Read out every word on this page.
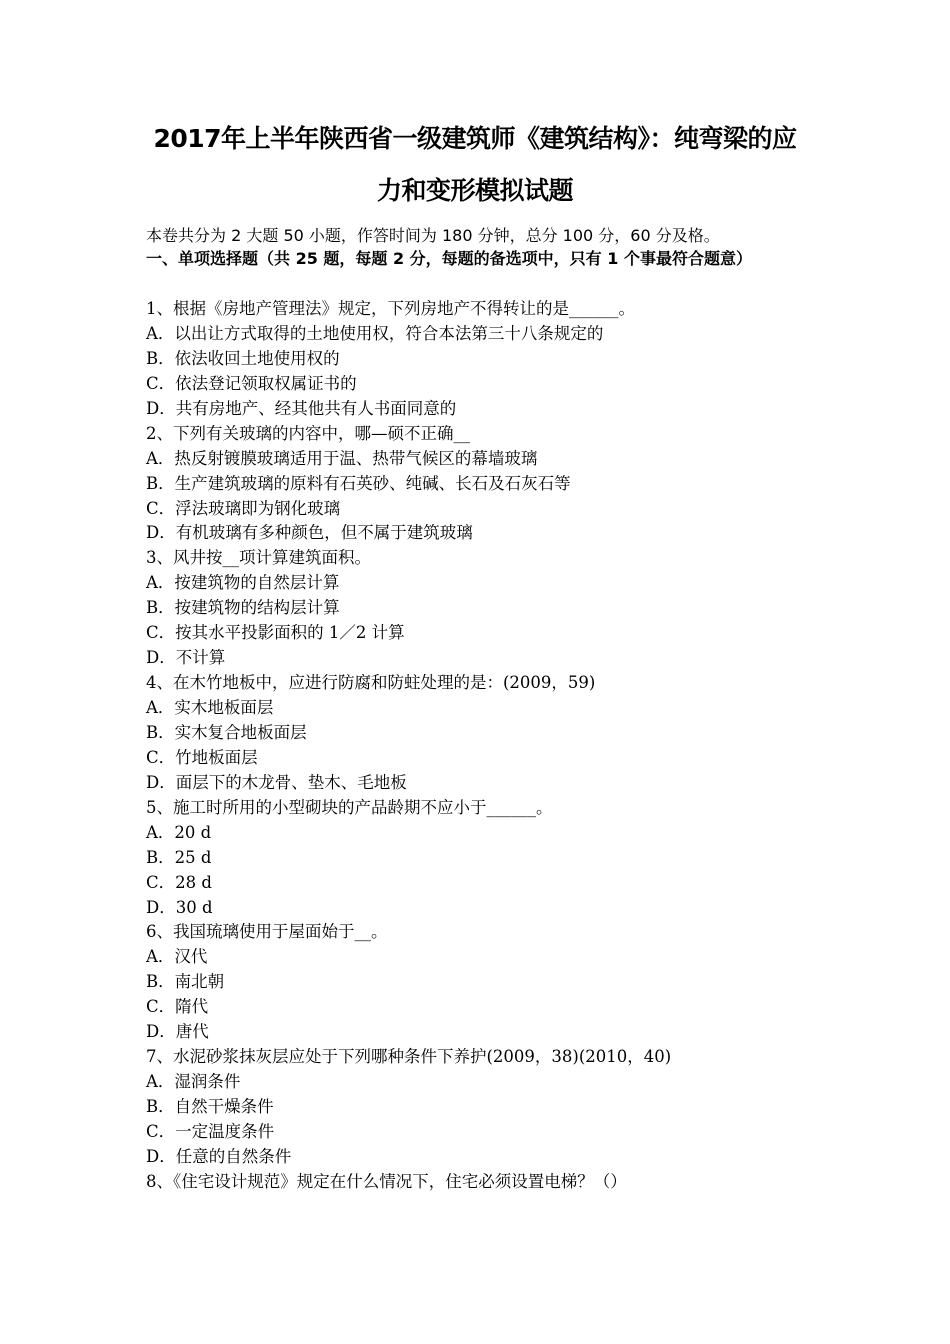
2017年上半年陕西省一级建筑师《建筑结构》：纯弯梁的应
力和变形模拟试题
本卷共分为 2 大题 50 小题，作答时间为 180 分钟，总分 100 分，60 分及格。
一、单项选择题（共 25 题，每题 2 分，每题的备选项中，只有 1 个事最符合题意）
1、根据《房地产管理法》规定，下列房地产不得转让的是______。
A．以出让方式取得的土地使用权，符合本法第三十八条规定的
B．依法收回土地使用权的
C．依法登记领取权属证书的
D．共有房地产、经其他共有人书面同意的
2、下列有关玻璃的内容中，哪—硕不正确__
A．热反射镀膜玻璃适用于温、热带气候区的幕墙玻璃
B．生产建筑玻璃的原料有石英砂、纯碱、长石及石灰石等
C．浮法玻璃即为钢化玻璃
D．有机玻璃有多种颜色，但不属于建筑玻璃
3、风井按__项计算建筑面积。
A．按建筑物的自然层计算
B．按建筑物的结构层计算
C．按其水平投影面积的 1／2 计算
D．不计算
4、在木竹地板中，应进行防腐和防蛀处理的是：(2009，59)
A．实木地板面层
B．实木复合地板面层
C．竹地板面层
D．面层下的木龙骨、垫木、毛地板
5、施工时所用的小型砌块的产品龄期不应小于______。
A．20 d
B．25 d
C．28 d
D．30 d
6、我国琉璃使用于屋面始于__。
A．汉代
B．南北朝
C．隋代
D．唐代
7、水泥砂浆抹灰层应处于下列哪种条件下养护(2009，38)(2010，40)
A．湿润条件
B．自然干燥条件
C．一定温度条件
D．任意的自然条件
8、《住宅设计规范》规定在什么情况下，住宅必须设置电梯？（）
